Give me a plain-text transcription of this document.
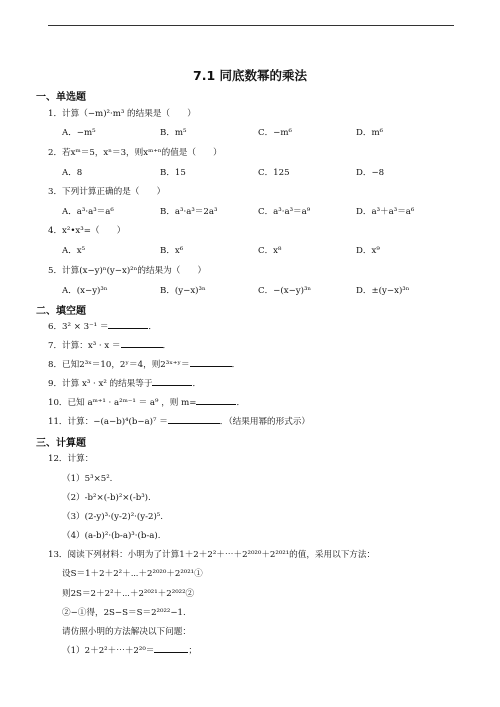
7.1 同底数幂的乘法
一、单选题
1．计算（−m)²·m³ 的结果是（　　）
A．−m⁵	B．m⁵	C．−m⁶	D．m⁶
2．若xᵐ＝5，xⁿ＝3，则xᵐ⁺ⁿ的值是（　　）
A．8	B．15	C．125	D．−8
3．下列计算正确的是（　　）
A．a³·a³＝a⁶	B．a³·a³＝2a³	C．a³·a³＝a⁹	D．a³＋a³＝a⁶
4．x²•x³=（　　）
A．x⁵	B．x⁶	C．x⁸	D．x⁹
5．计算(x−y)ⁿ(y−x)²ⁿ的结果为（　　）
A．(x−y)³ⁿ	B．(y−x)³ⁿ	C．−(x−y)³ⁿ	D．±(y−x)³ⁿ
二、填空题
6．3² × 3⁻¹ ＝	．
7．计算：x³ · x ＝	．
8．已知2³ˣ＝10，2ʸ＝4，则2³ˣ⁺ʸ＝	．
9．计算 x³ · x² 的结果等于	．
10．已知 aᵐ⁺¹ · a²ᵐ⁻¹ ＝ a⁹ ，则 m=	．
11．计算：−(a−b)⁴(b−a)⁷ ＝	．（结果用幂的形式示）
三、计算题
12．计算：
（1）5³×5².
（2）-b²×(-b)²×(-b³).
（3）(2-y)³·(y-2)²·(y-2)⁵.
（4）(a-b)²·(b-a)³·(b-a).
13．阅读下列材料：小明为了计算1＋2＋2²＋⋯＋2²⁰²⁰＋2²⁰²¹的值，采用以下方法：
设S＝1＋2＋2²＋⋯＋2²⁰²⁰＋2²⁰²¹①
则2S＝2＋2²＋⋯＋2²⁰²¹＋2²⁰²²②
②−①得，2S−S＝S＝2²⁰²²−1.
请仿照小明的方法解决以下问题：
（1）2＋2²＋⋯＋2²⁰＝	；
